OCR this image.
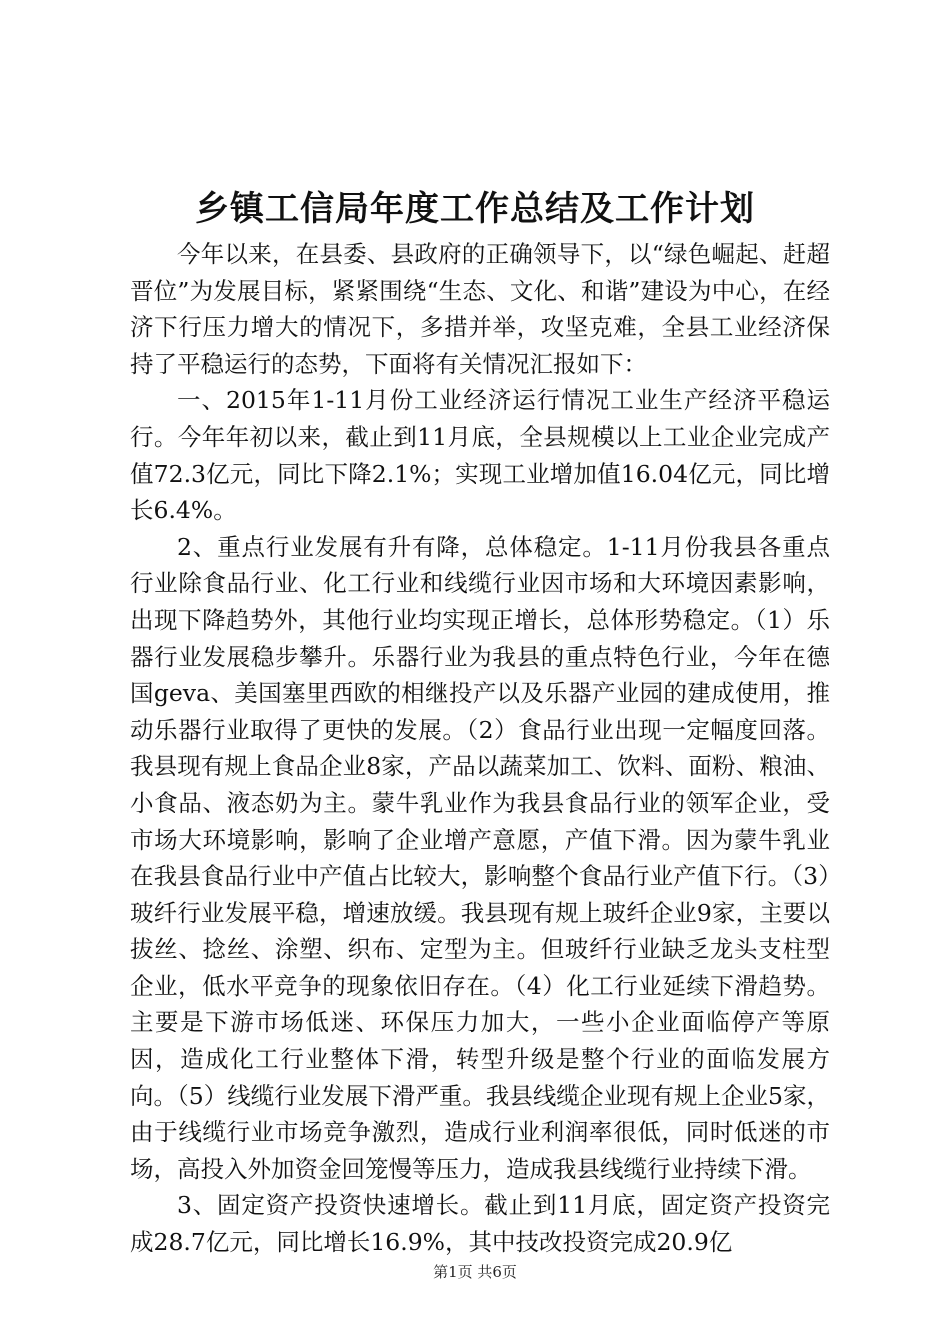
乡镇工信局年度工作总结及工作计划

今年以来，在县委、县政府的正确领导下，以“绿色崛起、赶超晋位”为发展目标，紧紧围绕“生态、文化、和谐”建设为中心，在经济下行压力增大的情况下，多措并举，攻坚克难，全县工业经济保持了平稳运行的态势，下面将有关情况汇报如下：

一、2015年1-11月份工业经济运行情况工业生产经济平稳运行。今年年初以来，截止到11月底，全县规模以上工业企业完成产值72.3亿元，同比下降2.1%；实现工业增加值16.04亿元，同比增长6.4%。

2、重点行业发展有升有降，总体稳定。1-11月份我县各重点行业除食品行业、化工行业和线缆行业因市场和大环境因素影响，出现下降趋势外，其他行业均实现正增长，总体形势稳定。（1）乐器行业发展稳步攀升。乐器行业为我县的重点特色行业，今年在德国geva、美国塞里西欧的相继投产以及乐器产业园的建成使用，推动乐器行业取得了更快的发展。（2）食品行业出现一定幅度回落。我县现有规上食品企业8家，产品以蔬菜加工、饮料、面粉、粮油、小食品、液态奶为主。蒙牛乳业作为我县食品行业的领军企业，受市场大环境影响，影响了企业增产意愿，产值下滑。因为蒙牛乳业在我县食品行业中产值占比较大，影响整个食品行业产值下行。（3）玻纤行业发展平稳，增速放缓。我县现有规上玻纤企业9家，主要以拔丝、捻丝、涂塑、织布、定型为主。但玻纤行业缺乏龙头支柱型企业，低水平竞争的现象依旧存在。（4）化工行业延续下滑趋势。主要是下游市场低迷、环保压力加大，一些小企业面临停产等原因，造成化工行业整体下滑，转型升级是整个行业的面临发展方向。（5）线缆行业发展下滑严重。我县线缆企业现有规上企业5家，由于线缆行业市场竞争激烈，造成行业利润率很低，同时低迷的市场，高投入外加资金回笼慢等压力，造成我县线缆行业持续下滑。

3、固定资产投资快速增长。截止到11月底，固定资产投资完成28.7亿元，同比增长16.9%，其中技改投资完成20.9亿

第1页 共6页
